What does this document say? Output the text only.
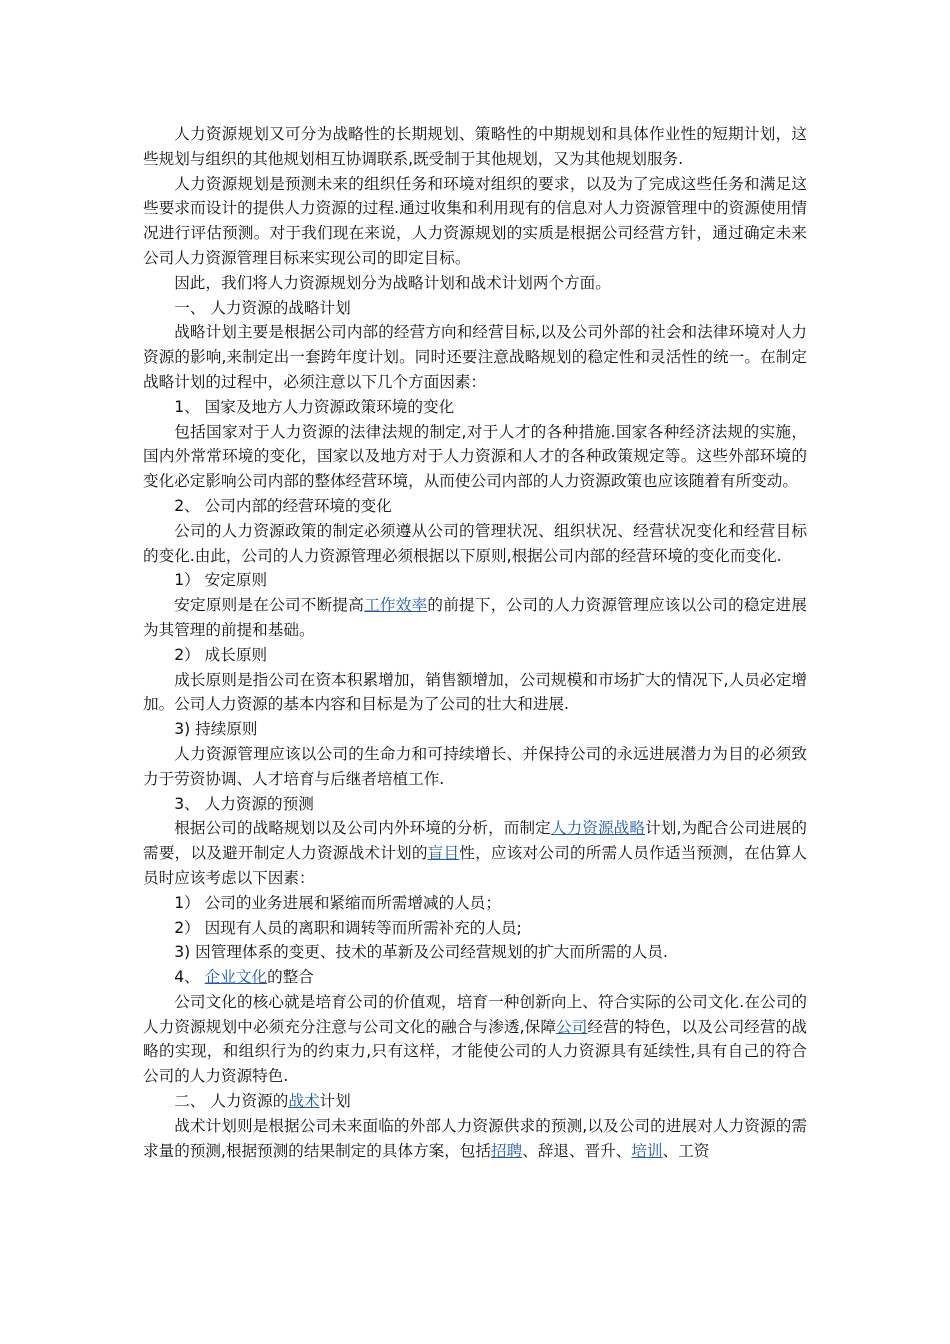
人力资源规划又可分为战略性的长期规划、策略性的中期规划和具体作业性的短期计划，这些规划与组织的其他规划相互协调联系,既受制于其他规划，又为其他规划服务.

人力资源规划是预测未来的组织任务和环境对组织的要求，以及为了完成这些任务和满足这些要求而设计的提供人力资源的过程.通过收集和利用现有的信息对人力资源管理中的资源使用情况进行评估预测。对于我们现在来说，人力资源规划的实质是根据公司经营方针，通过确定未来公司人力资源管理目标来实现公司的即定目标。

因此，我们将人力资源规划分为战略计划和战术计划两个方面。

一、 人力资源的战略计划

战略计划主要是根据公司内部的经营方向和经营目标,以及公司外部的社会和法律环境对人力资源的影响,来制定出一套跨年度计划。同时还要注意战略规划的稳定性和灵活性的统一。在制定战略计划的过程中，必须注意以下几个方面因素：

1、 国家及地方人力资源政策环境的变化

包括国家对于人力资源的法律法规的制定,对于人才的各种措施.国家各种经济法规的实施，国内外常常环境的变化，国家以及地方对于人力资源和人才的各种政策规定等。这些外部环境的变化必定影响公司内部的整体经营环境，从而使公司内部的人力资源政策也应该随着有所变动。

2、 公司内部的经营环境的变化

公司的人力资源政策的制定必须遵从公司的管理状况、组织状况、经营状况变化和经营目标的变化.由此，公司的人力资源管理必须根据以下原则,根据公司内部的经营环境的变化而变化.

1） 安定原则

安定原则是在公司不断提高工作效率的前提下，公司的人力资源管理应该以公司的稳定进展为其管理的前提和基础。

2） 成长原则

成长原则是指公司在资本积累增加，销售额增加，公司规模和市场扩大的情况下,人员必定增加。公司人力资源的基本内容和目标是为了公司的壮大和进展.

3) 持续原则

人力资源管理应该以公司的生命力和可持续增长、并保持公司的永远进展潜力为目的必须致力于劳资协调、人才培育与后继者培植工作.

3、 人力资源的预测

根据公司的战略规划以及公司内外环境的分析，而制定人力资源战略计划,为配合公司进展的需要，以及避开制定人力资源战术计划的盲目性，应该对公司的所需人员作适当预测，在估算人员时应该考虑以下因素：

1） 公司的业务进展和紧缩而所需增减的人员；

2） 因现有人员的离职和调转等而所需补充的人员;

3) 因管理体系的变更、技术的革新及公司经营规划的扩大而所需的人员.

4、 企业文化的整合

公司文化的核心就是培育公司的价值观，培育一种创新向上、符合实际的公司文化.在公司的人力资源规划中必须充分注意与公司文化的融合与渗透,保障公司经营的特色，以及公司经营的战略的实现，和组织行为的约束力,只有这样，才能使公司的人力资源具有延续性,具有自己的符合公司的人力资源特色.

二、 人力资源的战术计划

战术计划则是根据公司未来面临的外部人力资源供求的预测,以及公司的进展对人力资源的需求量的预测,根据预测的结果制定的具体方案，包括招聘、辞退、晋升、培训、工资
